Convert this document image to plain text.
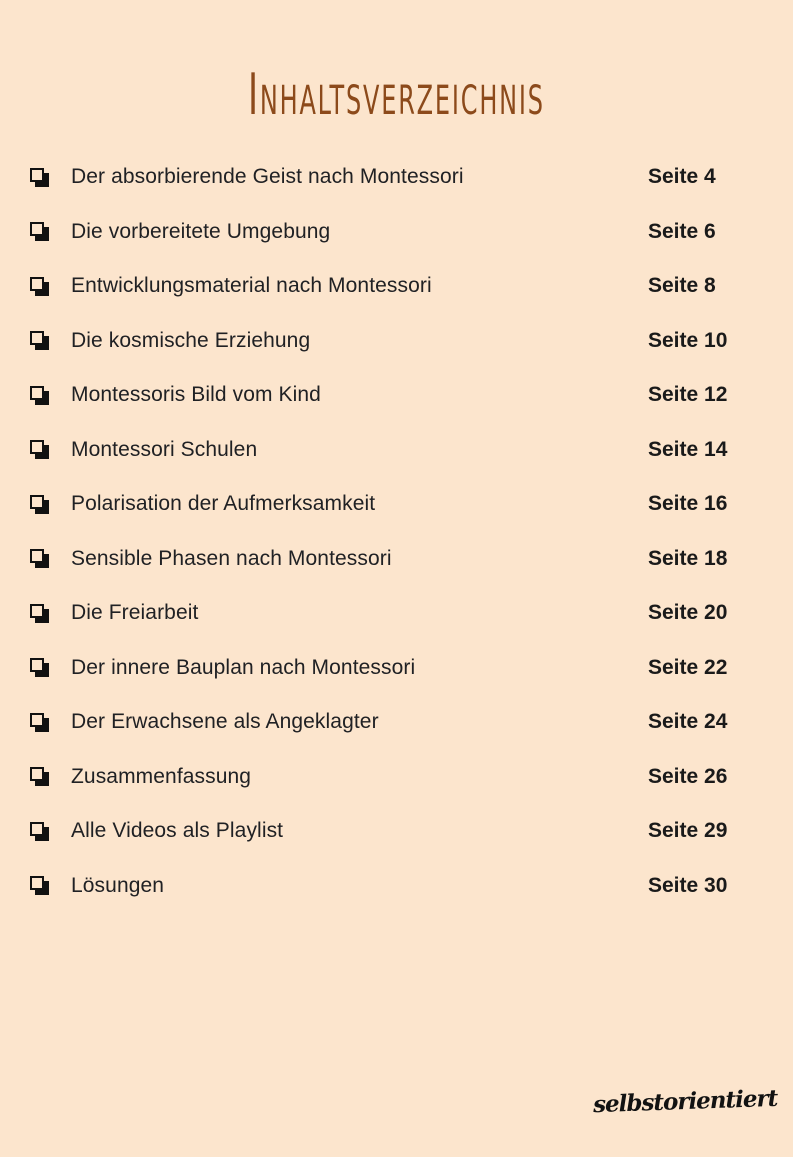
Inhaltsverzeichnis
Der absorbierende Geist nach Montessori	Seite 4
Die vorbereitete Umgebung	Seite 6
Entwicklungsmaterial nach Montessori	Seite 8
Die kosmische Erziehung	Seite 10
Montessoris Bild vom Kind	Seite 12
Montessori Schulen	Seite 14
Polarisation der Aufmerksamkeit	Seite 16
Sensible Phasen nach Montessori	Seite 18
Die Freiarbeit	Seite 20
Der innere Bauplan nach Montessori	Seite 22
Der Erwachsene als Angeklagter	Seite 24
Zusammenfassung	Seite 26
Alle Videos als Playlist	Seite 29
Lösungen	Seite 30
selbstorientiert
